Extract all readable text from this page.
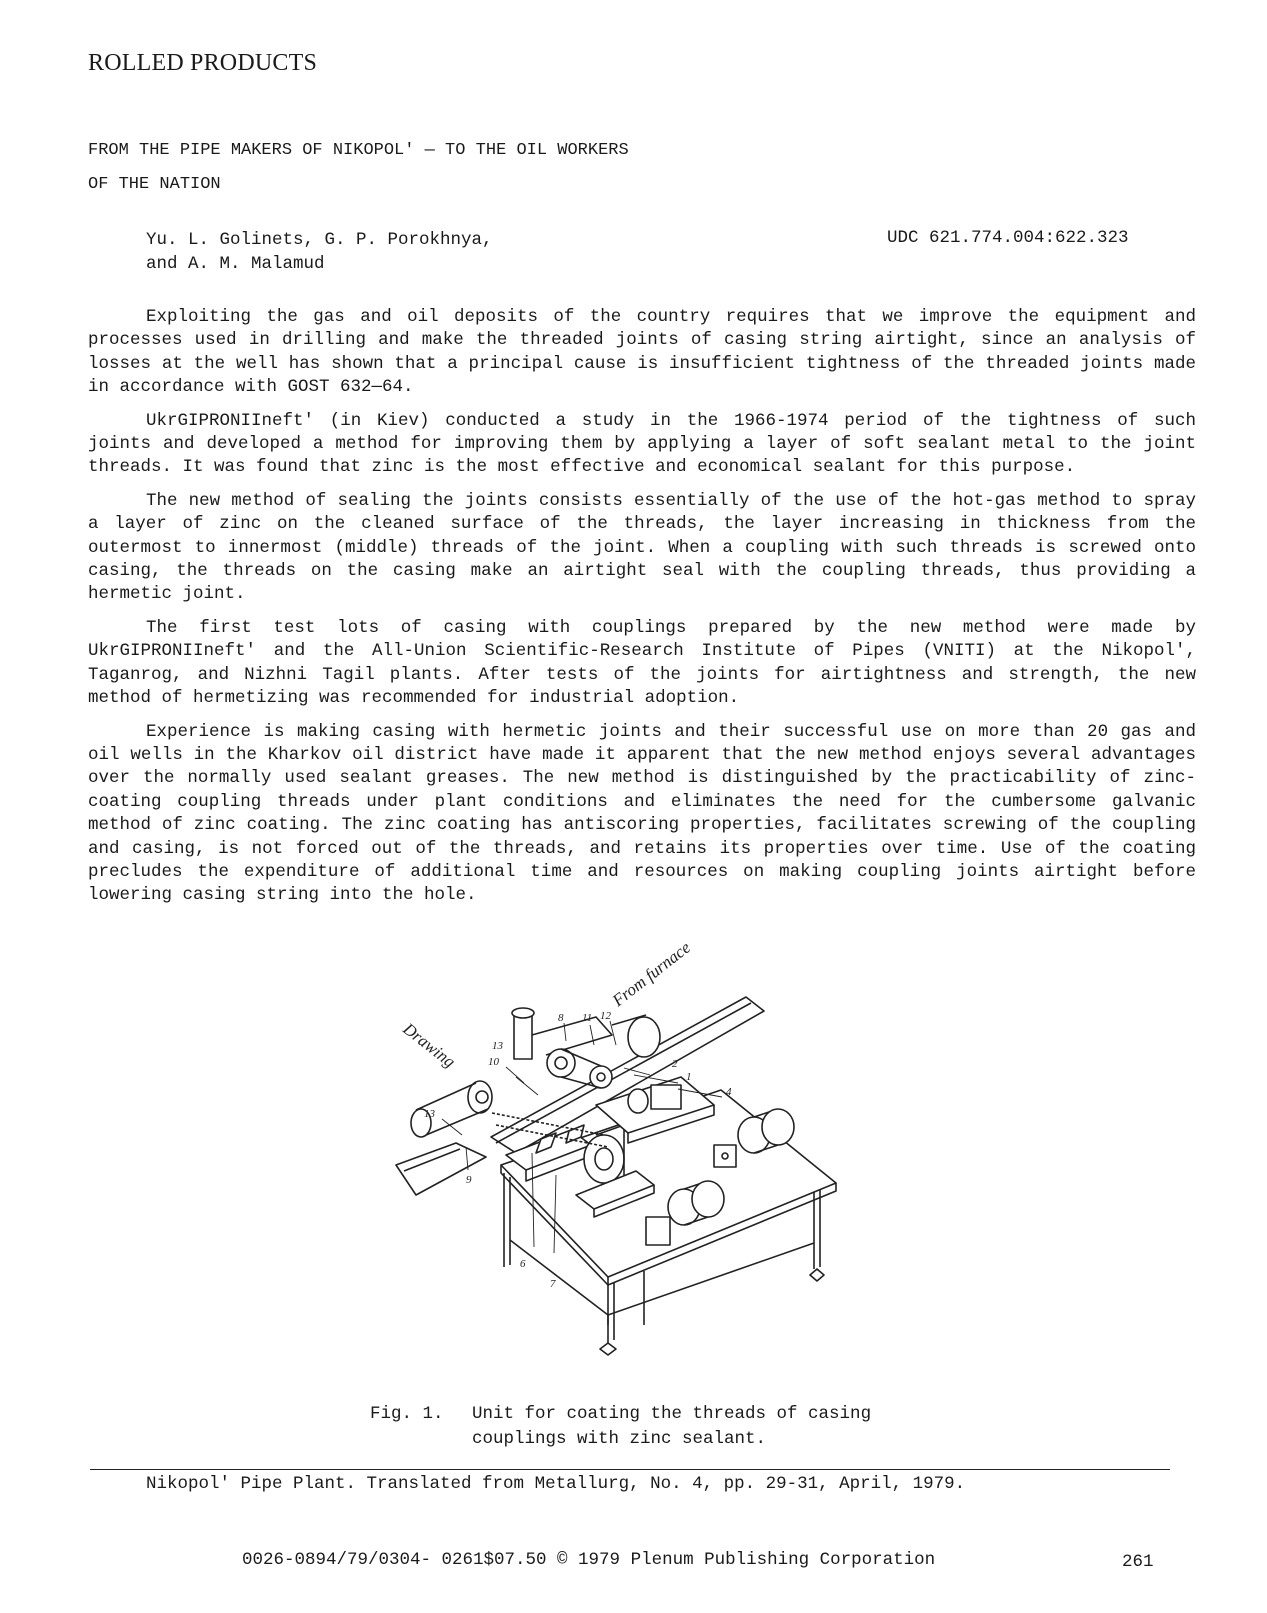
ROLLED PRODUCTS
FROM THE PIPE MAKERS OF NIKOPOL' — TO THE OIL WORKERS
OF THE NATION
Yu. L. Golinets, G. P. Porokhnya,
and A. M. Malamud
UDC 621.774.004:622.323

Exploiting the gas and oil deposits of the country requires that we improve the equipment and processes used in drilling and make the threaded joints of casing string airtight, since an analysis of losses at the well has shown that a principal cause is insufficient tightness of the threaded joints made in accordance with GOST 632—64.

UkrGIPRONIIneft' (in Kiev) conducted a study in the 1966-1974 period of the tightness of such joints and developed a method for improving them by applying a layer of soft sealant metal to the joint threads. It was found that zinc is the most effective and economical sealant for this purpose.

The new method of sealing the joints consists essentially of the use of the hot-gas method to spray a layer of zinc on the cleaned surface of the threads, the layer increasing in thickness from the outermost to innermost (middle) threads of the joint. When a coupling with such threads is screwed onto casing, the threads on the casing make an airtight seal with the coupling threads, thus providing a hermetic joint.

The first test lots of casing with couplings prepared by the new method were made by UkrGIPRONIIneft' and the All-Union Scientific-Research Institute of Pipes (VNITI) at the Nikopol', Taganrog, and Nizhni Tagil plants. After tests of the joints for airtightness and strength, the new method of hermetizing was recommended for industrial adoption.

Experience is making casing with hermetic joints and their successful use on more than 20 gas and oil wells in the Kharkov oil district have made it apparent that the new method enjoys several advantages over the normally used sealant greases. The new method is distinguished by the practicability of zinc-coating coupling threads under plant conditions and eliminates the need for the cumbersome galvanic method of zinc coating. The zinc coating has antiscoring properties, facilitates screwing of the coupling and casing, is not forced out of the threads, and retains its properties over time. Use of the coating precludes the expenditure of additional time and resources on making coupling joints airtight before lowering casing string into the hole.

1
2
4
6
7
8
9
10
11 12
13
13
Drawing
From furnace
Fig. 1. Unit for coating the threads of casing
couplings with zinc sealant.
Nikopol' Pipe Plant. Translated from Metallurg, No. 4, pp. 29-31, April, 1979.
0026-0894/79/0304- 0261$07.50 © 1979 Plenum Publishing Corporation	261
